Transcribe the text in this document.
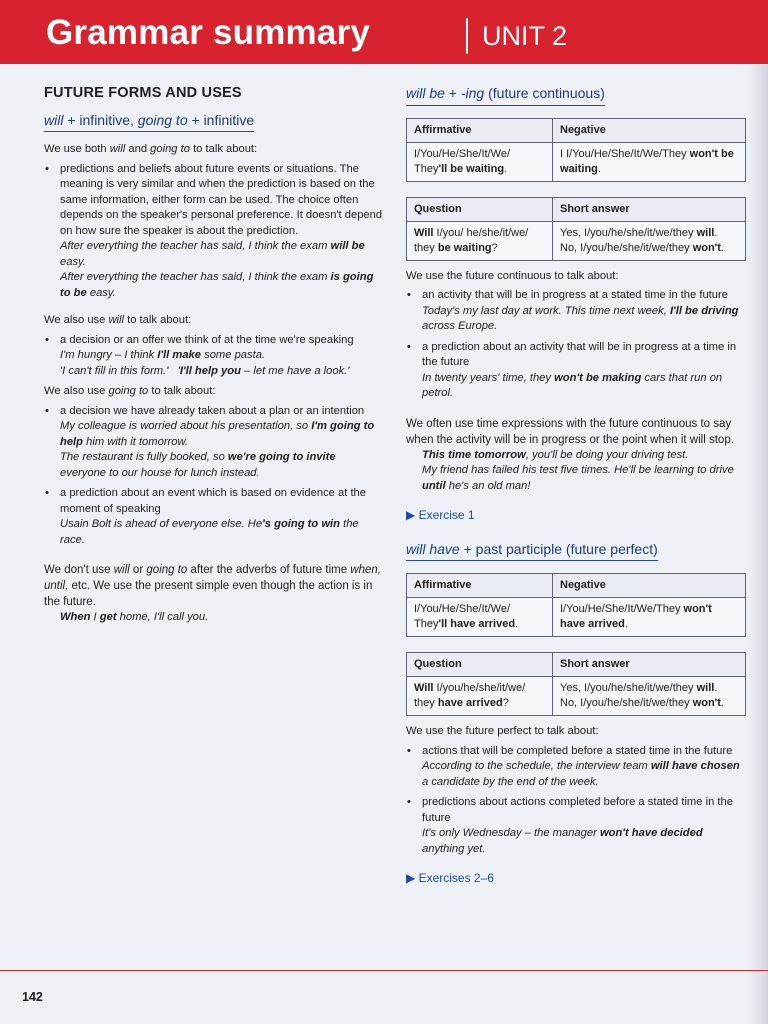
Grammar summary	UNIT 2
FUTURE FORMS AND USES
will + infinitive, going to + infinitive

We use both will and going to to talk about:

• predictions and beliefs about future events or situations. The meaning is very similar and when the prediction is based on the same information, either form can be used. The choice often depends on the speaker's personal preference. It doesn't depend on how sure the speaker is about the prediction.
After everything the teacher has said, I think the exam will be easy.
After everything the teacher has said, I think the exam is going to be easy.

We also use will to talk about:

• a decision or an offer we think of at the time we're speaking
I'm hungry – I think I'll make some pasta.
'I can't fill in this form.'   'I'll help you – let me have a look.'

We also use going to to talk about:

• a decision we have already taken about a plan or an intention
My colleague is worried about his presentation, so I'm going to help him with it tomorrow.
The restaurant is fully booked, so we're going to invite everyone to our house for lunch instead.
• a prediction about an event which is based on evidence at the moment of speaking
Usain Bolt is ahead of everyone else. He's going to win the race.

We don't use will or going to after the adverbs of future time when, until, etc. We use the present simple even though the action is in the future.

When I get home, I'll call you.

will be + -ing (future continuous)
Affirmative	Negative
I/You/He/She/It/We/ They'll be waiting.	I I/You/He/She/It/We/They won't be waiting.
Question	Short answer
Will I/you/ he/she/it/we/ they be waiting?	Yes, I/you/he/she/it/we/they will.
No, I/you/he/she/it/we/they won't.

We use the future continuous to talk about:

• an activity that will be in progress at a stated time in the future
Today's my last day at work. This time next week, I'll be driving across Europe.
• a prediction about an activity that will be in progress at a time in the future
In twenty years' time, they won't be making cars that run on petrol.

We often use time expressions with the future continuous to say when the activity will be in progress or the point when it will stop.

This time tomorrow, you'll be doing your driving test.
My friend has failed his test five times. He'll be learning to drive until he's an old man!

▶ Exercise 1
will have + past participle (future perfect)
Affirmative	Negative
I/You/He/She/It/We/ They'll have arrived.	I/You/He/She/It/We/They won't have arrived.
Question	Short answer
Will I/you/he/she/it/we/ they have arrived?	Yes, I/you/he/she/it/we/they will.
No, I/you/he/she/it/we/they won't.

We use the future perfect to talk about:

• actions that will be completed before a stated time in the future
According to the schedule, the interview team will have chosen a candidate by the end of the week.
• predictions about actions completed before a stated time in the future
It's only Wednesday – the manager won't have decided anything yet.
▶ Exercises 2–6
142
